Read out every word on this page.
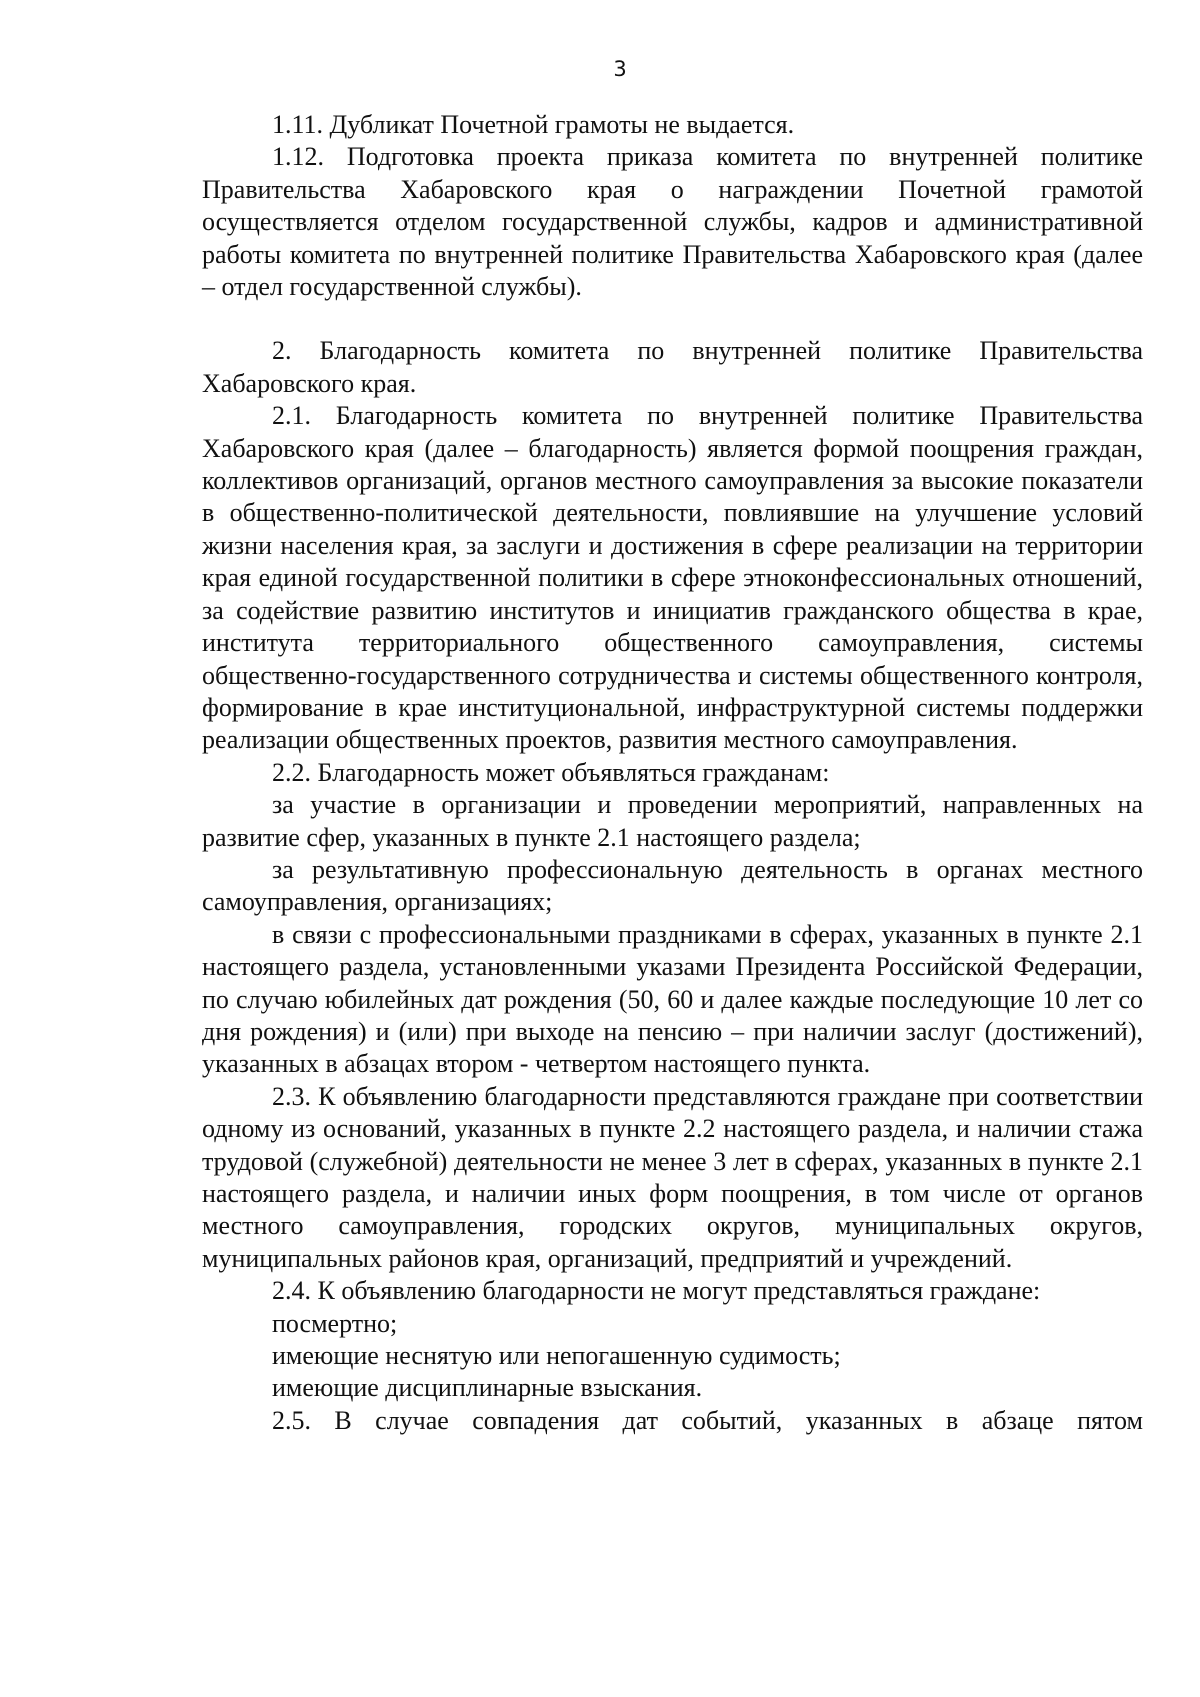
3

1.11. Дубликат Почетной грамоты не выдается.

1.12. Подготовка проекта приказа комитета по внутренней политике Правительства Хабаровского края о награждении Почетной грамотой осуществляется отделом государственной службы, кадров и административной работы комитета по внутренней политике Правительства Хабаровского края (далее – отдел государственной службы).

2. Благодарность комитета по внутренней политике Правительства Хабаровского края.

2.1. Благодарность комитета по внутренней политике Правительства Хабаровского края (далее – благодарность) является формой поощрения граждан, коллективов организаций, органов местного самоуправления за высокие показатели в общественно-политической деятельности, повлиявшие на улучшение условий жизни населения края, за заслуги и достижения в сфере реализации на территории края единой государственной политики в сфере этноконфессиональных отношений, за содействие развитию институтов и инициатив гражданского общества в крае, института территориального общественного самоуправления, системы общественно-государственного сотрудничества и системы общественного контроля, формирование в крае институциональной, инфраструктурной системы поддержки реализации общественных проектов, развития местного самоуправления.

2.2. Благодарность может объявляться гражданам:

за участие в организации и проведении мероприятий, направленных на развитие сфер, указанных в пункте 2.1 настоящего раздела;

за результативную профессиональную деятельность в органах местного самоуправления, организациях;

в связи с профессиональными праздниками в сферах, указанных в пункте 2.1 настоящего раздела, установленными указами Президента Российской Федерации, по случаю юбилейных дат рождения (50, 60 и далее каждые последующие 10 лет со дня рождения) и (или) при выходе на пенсию – при наличии заслуг (достижений), указанных в абзацах втором - четвертом настоящего пункта.

2.3. К объявлению благодарности представляются граждане при соответствии одному из оснований, указанных в пункте 2.2 настоящего раздела, и наличии стажа трудовой (служебной) деятельности не менее 3 лет в сферах, указанных в пункте 2.1 настоящего раздела, и наличии иных форм поощрения, в том числе от органов местного самоуправления, городских округов, муниципальных округов, муниципальных районов края, организаций, предприятий и учреждений.

2.4. К объявлению благодарности не могут представляться граждане:

посмертно;

имеющие неснятую или непогашенную судимость;

имеющие дисциплинарные взыскания.

2.5. В случае совпадения дат событий, указанных в абзаце пятом
